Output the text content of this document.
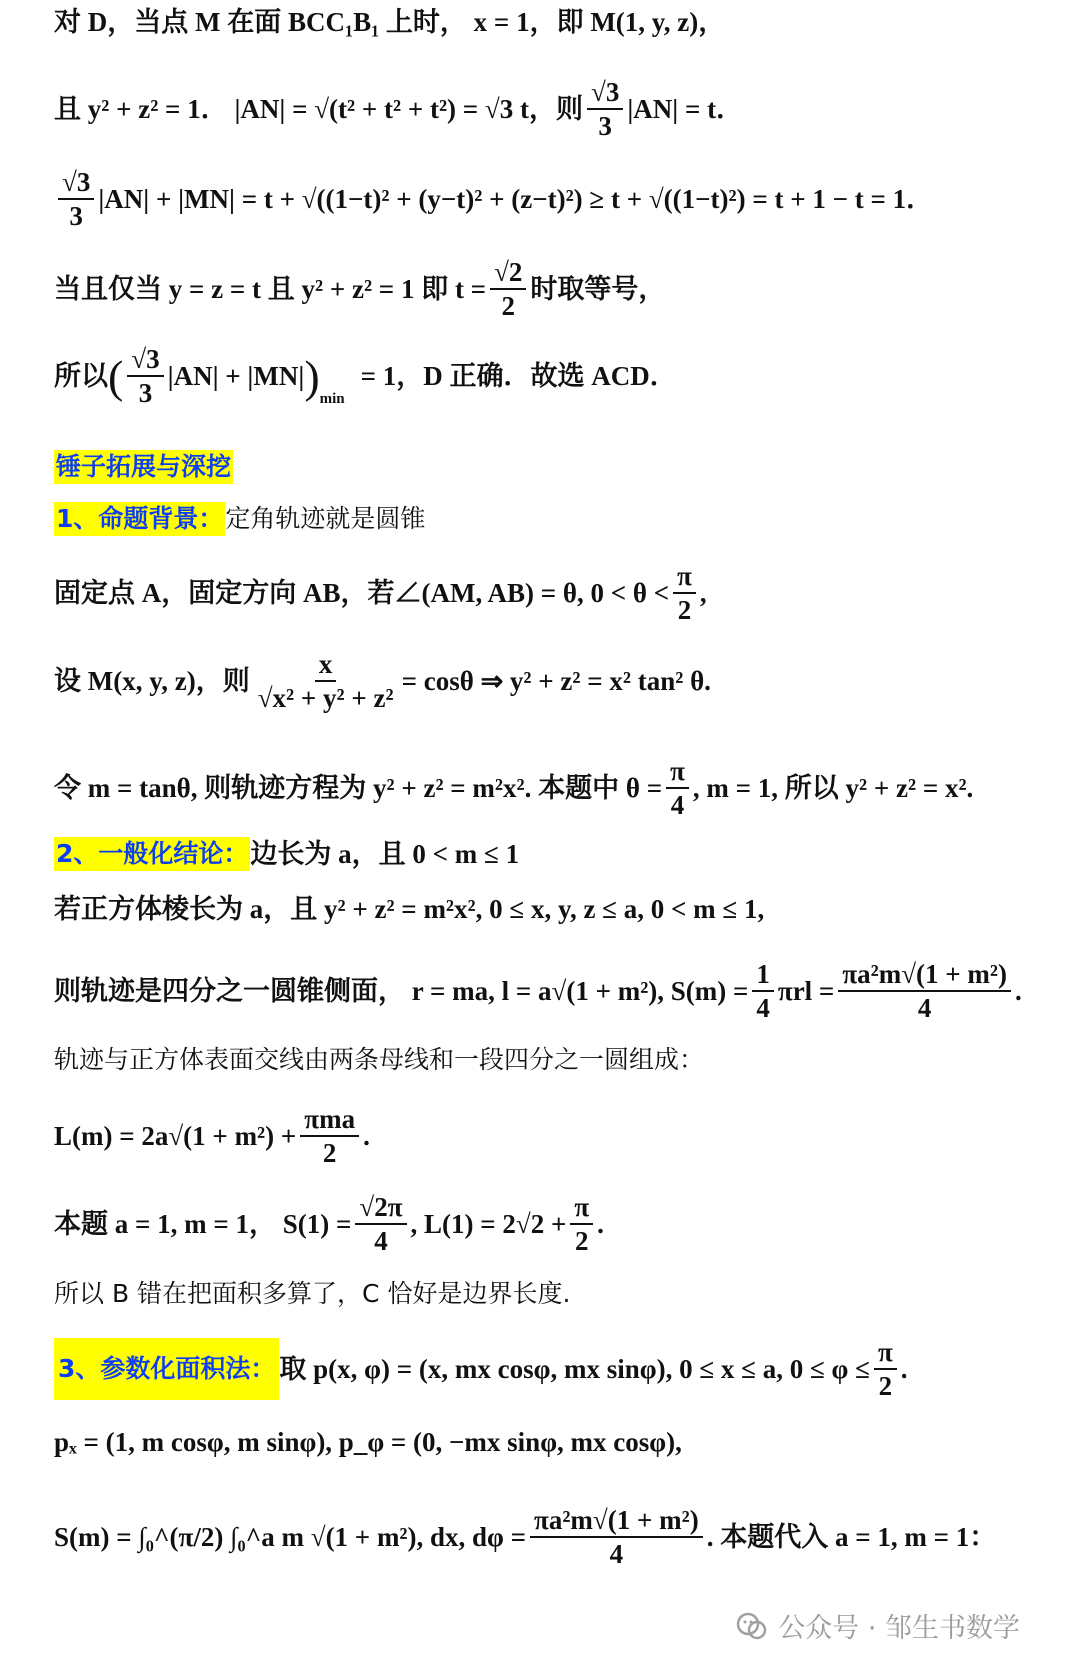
对 D，当点 M 在面 BCC₁B₁ 上时， x = 1，即 M(1, y, z)，
且 y² + z² = 1． |AN| = √(t² + t² + t²) = √3 t，则 √ $\frac{3}{3} |AN| = t$．
√ $\frac{3}{3} |AN| + |MN| = t + √((1-t)^2 + (y-t)^2 + (z-t)^2) \ge t + √((1-t)^2) = t + 1 - t = 1$．
当且仅当 y = z = t 且 y² + z² = 1 即 t = √ $\frac{2}{2}$ 时取等号，
所以 ( √ $\frac{3}{3} |AN| + |MN|$ ) min
= 1，D 正确．故选 ACD．
锤子拓展与深挖
1、命题背景： 定角轨迹就是圆锥
固定点 A，固定方向 AB，若∠(AM, AB) = θ, $0 < \theta < \frac{\pi}{2}$ ,
设 M(x, y, z)，则 x
√ x² + y² + z² = cosθ ⇒ y² + z² = x² tan² θ.
令 m = tanθ, 则轨迹方程为 y² + z² = m²x². 本题中 $\theta = \frac{\pi}{4}$ , m = 1, 所以 y² + z² = x².
2、一般化结论： 边长为 a，且 0 < m ≤ 1
若正方体棱长为 a，且 y² + z² = m²x², 0 ≤ x, y, z ≤ a, 0 < m ≤ 1,
则轨迹是四分之一圆锥侧面， r = ma, l = a√(1 + m²), $S(m) = \frac{1}{4}$ $\pi rl = \frac{\text{πa²m√(1 + m²)}}{4}$ .
轨迹与正方体表面交线由两条母线和一段四分之一圆组成：
$L(m) = 2a√(1 + m^2) + \frac{\text{πma}}{2}$ .
本题 a = 1, m = 1， $S(1) = \frac{√2\pi}{4}$ , $L(1) = 2√2 + \frac{\pi}{2}$ .
所以 B 错在把面积多算了，C 恰好是边界长度.
3、参数化面积法： 取 p(x, φ) = (x, mx cosφ, mx sinφ), 0 ≤ x ≤ a, $0 \le \varphi \le \frac{\pi}{2}$ .
pₓ = (1, m cosφ, m sinφ), p_φ = (0, −mx sinφ, mx cosφ),
S(m) = ∫₀^(π/2) ∫₀^a m √(1 + m²), dx, $d\varphi = \frac{\text{πa²m√(1 + m²)}}{4}$ . 本题代入 a = 1, m = 1：
公众号 · 邹生书数学
